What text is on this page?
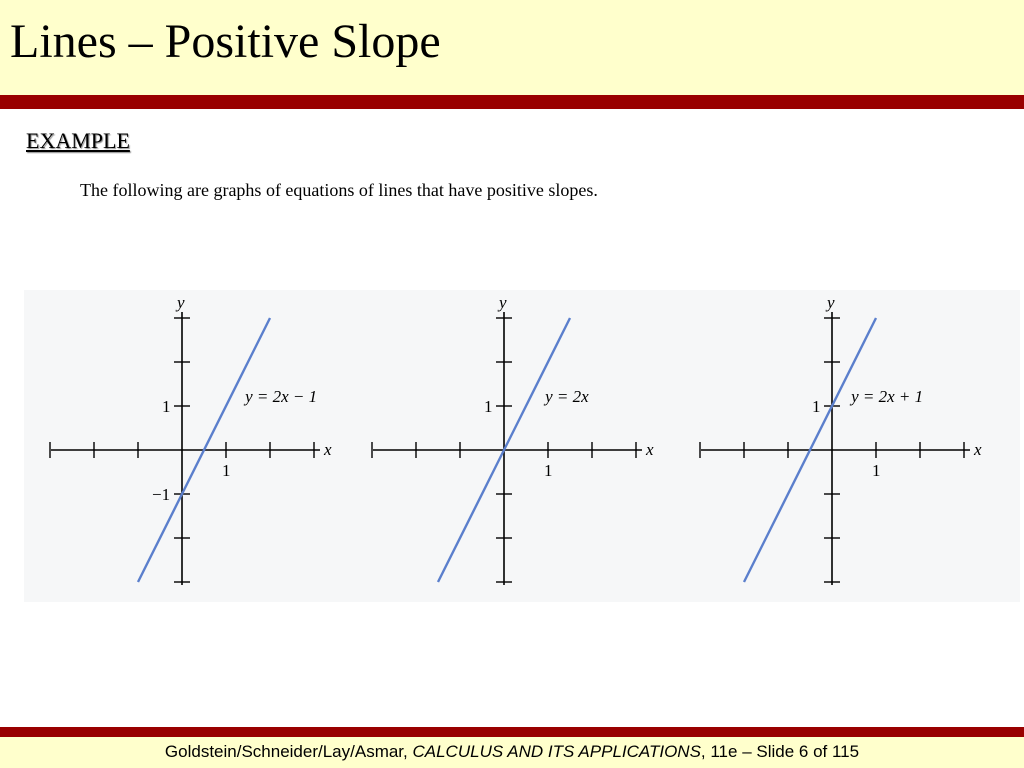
Lines – Positive Slope
EXAMPLE
The following are graphs of equations of lines that have positive slopes.
x
y
1
1
−1
y = 2x − 1
x
y
1
1
y = 2x
x
y
1
1
y = 2x + 1
Goldstein/Schneider/Lay/Asmar, CALCULUS AND ITS APPLICATIONS, 11e – Slide 6 of 115
